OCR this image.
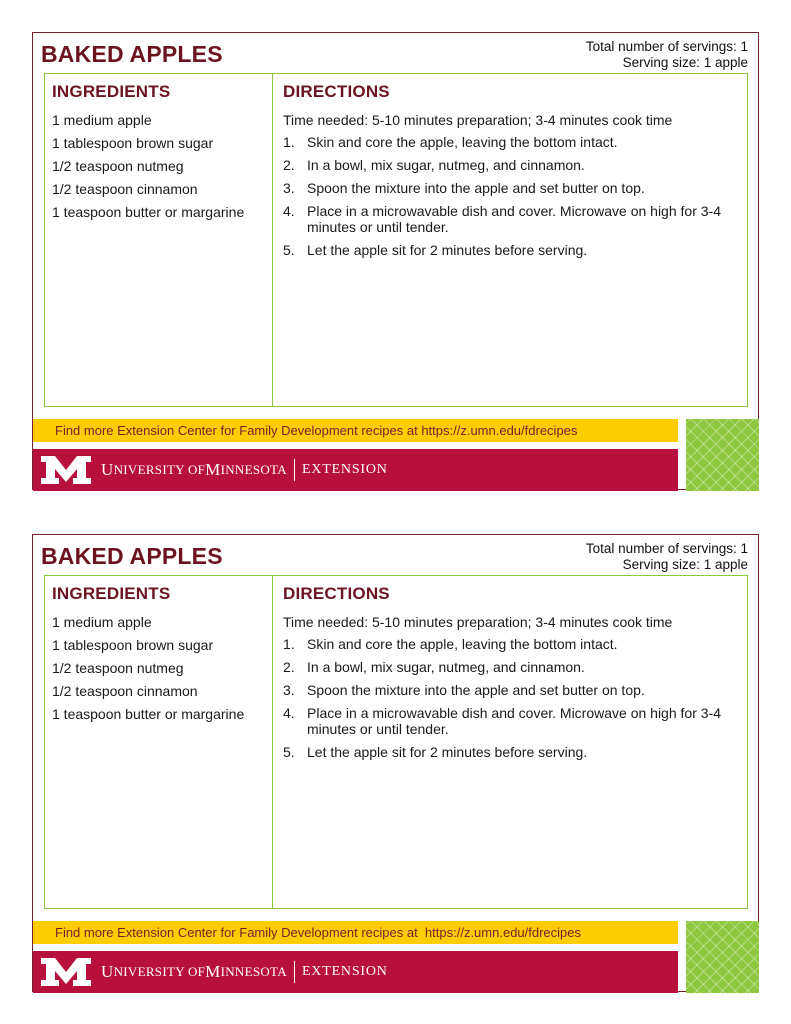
BAKED APPLES	Total number of servings: 1
Serving size: 1 apple
INGREDIENTS
1 medium apple
1 tablespoon brown sugar
1/2 teaspoon nutmeg
1/2 teaspoon cinnamon
1 teaspoon butter or margarine
DIRECTIONS
Time needed: 5-10 minutes preparation; 3-4 minutes cook time
1. Skin and core the apple, leaving the bottom intact.
2. In a bowl, mix sugar, nutmeg, and cinnamon.
3. Spoon the mixture into the apple and set butter on top.
4. Place in a microwavable dish and cover. Microwave on high for 3-4 minutes or until tender.
5. Let the apple sit for 2 minutes before serving.
Find more Extension Center for Family Development recipes at https://z.umn.edu/fdrecipes
U NIVERSITY OF M INNESOTA EXTENSION
BAKED APPLES	Total number of servings: 1
Serving size: 1 apple
INGREDIENTS
1 medium apple
1 tablespoon brown sugar
1/2 teaspoon nutmeg
1/2 teaspoon cinnamon
1 teaspoon butter or margarine
DIRECTIONS
Time needed: 5-10 minutes preparation; 3-4 minutes cook time
1. Skin and core the apple, leaving the bottom intact.
2. In a bowl, mix sugar, nutmeg, and cinnamon.
3. Spoon the mixture into the apple and set butter on top.
4. Place in a microwavable dish and cover. Microwave on high for 3-4 minutes or until tender.
5. Let the apple sit for 2 minutes before serving.
Find more Extension Center for Family Development recipes at  https://z.umn.edu/fdrecipes
U NIVERSITY OF M INNESOTA EXTENSION
